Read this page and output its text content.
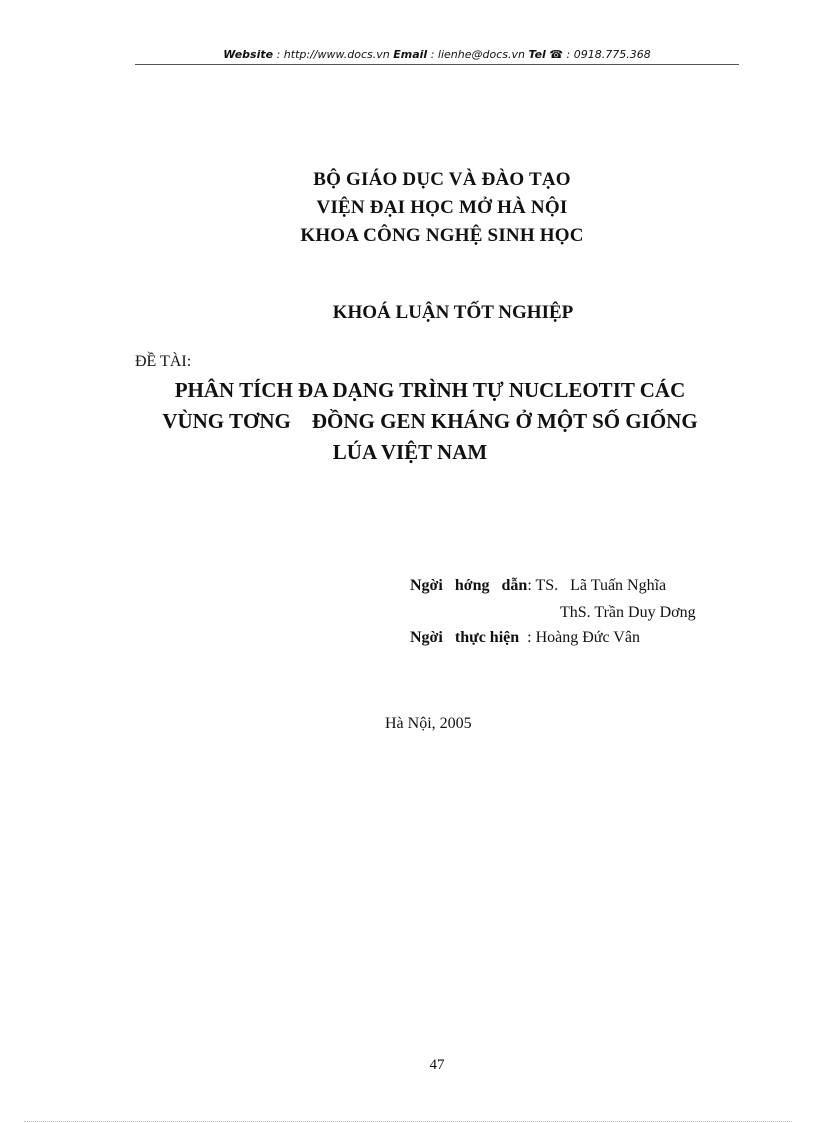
Website : http://www.docs.vn Email : lienhe@docs.vn Tel ☎ : 0918.775.368
BỘ GIÁO DỤC VÀ ĐÀO TẠO
VIỆN ĐẠI HỌC MỞ HÀ NỘI
KHOA CÔNG NGHỆ SINH HỌC
KHOÁ LUẬN TỐT NGHIỆP
ĐỀ TÀI:
PHÂN TÍCH ĐA DẠNG TRÌNH TỰ NUCLEOTIT CÁC
VÙNG TƠNG    ĐỒNG GEN KHÁNG Ở MỘT SỐ GIỐNG
LÚA VIỆT NAM
Ngời   hớng   dẫn: TS.   Lã Tuấn Nghĩa
ThS. Trần Duy Dơng
Ngời   thực hiện  : Hoàng Đức Vân
Hà Nội, 2005
47
